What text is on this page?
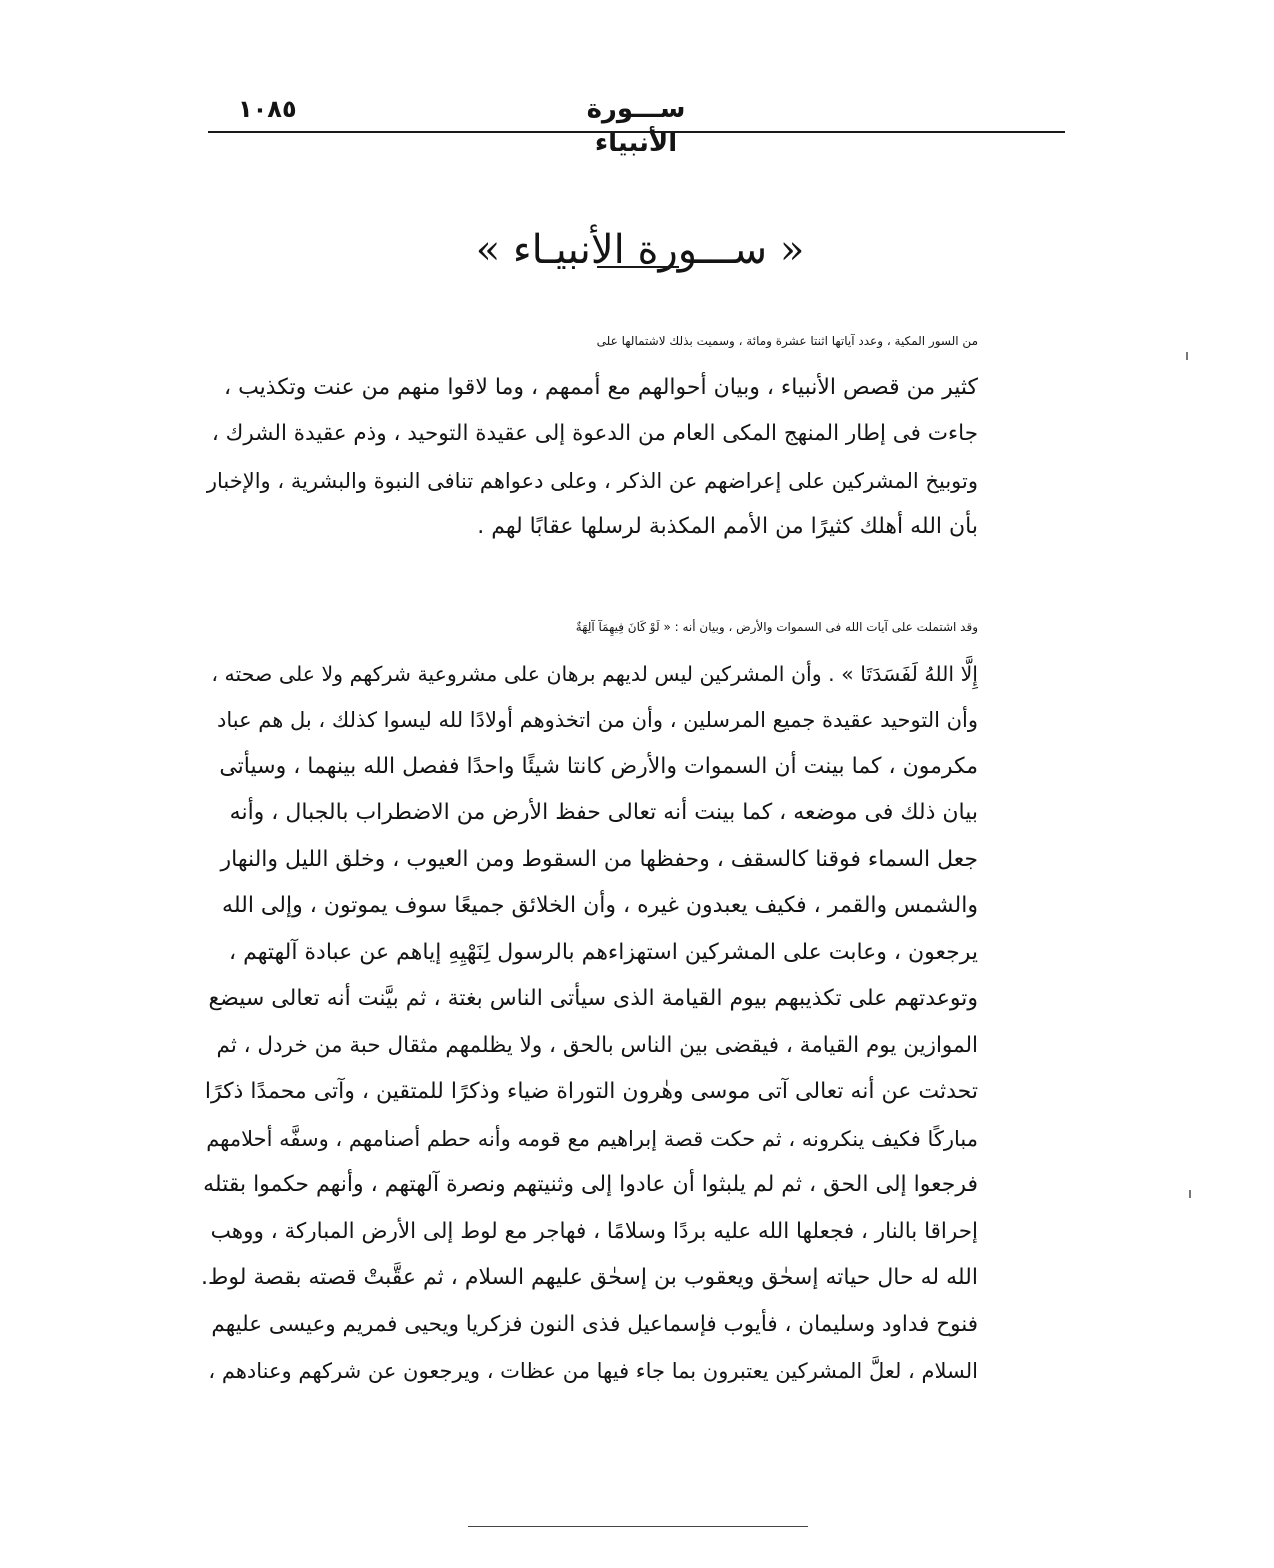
ســـورة الأنبياء
١٠٨٥
« ســـورة الأنبيـاء »

من السور المكية ، وعدد آياتها اثنتا عشرة ومائة ، وسميت بذلك لاشتمالها على
كثير من قصص الأنبياء ، وبيان أحوالهم مع أممهم ، وما لاقوا منهم من عنت وتكذيب ،
جاءت فى إطار المنهج المكى العام من الدعوة إلى عقيدة التوحيد ، وذم عقيدة الشرك ،
وتوبيخ المشركين على إعراضهم عن الذكر ، وعلى دعواهم تنافى النبوة والبشرية ، والإخبار
بأن الله أهلك كثيرًا من الأمم المكذبة لرسلها عقابًا لهم .

وقد اشتملت على آيات الله فى السموات والأرض ، وبيان أنه : « لَوْ كَانَ فِيهِمَآ آلِهَةٌ
إِلَّا اللهُ لَفَسَدَتَا » . وأن المشركين ليس لديهم برهان على مشروعية شركهم ولا على صحته ،
وأن التوحيد عقيدة جميع المرسلين ، وأن من اتخذوهم أولادًا لله ليسوا كذلك ، بل هم عباد
مكرمون ، كما بينت أن السموات والأرض كانتا شيئًا واحدًا ففصل الله بينهما ، وسيأتى
بيان ذلك فى موضعه ، كما بينت أنه تعالى حفظ الأرض من الاضطراب بالجبال ، وأنه
جعل السماء فوقنا كالسقف ، وحفظها من السقوط ومن العيوب ، وخلق الليل والنهار
والشمس والقمر ، فكيف يعبدون غيره ، وأن الخلائق جميعًا سوف يموتون ، وإلى الله
يرجعون ، وعابت على المشركين استهزاءهم بالرسول لِنَهْيِهِ إياهم عن عبادة آلهتهم ،
وتوعدتهم على تكذيبهم بيوم القيامة الذى سيأتى الناس بغتة ، ثم بيَّنت أنه تعالى سيضع
الموازين يوم القيامة ، فيقضى بين الناس بالحق ، ولا يظلمهم مثقال حبة من خردل ، ثم
تحدثت عن أنه تعالى آتى موسى وهٰرون التوراة ضياء وذكرًا للمتقين ، وآتى محمدًا ذكرًا
مباركًا فكيف ينكرونه ، ثم حكت قصة إبراهيم مع قومه وأنه حطم أصنامهم ، وسفَّه أحلامهم
فرجعوا إلى الحق ، ثم لم يلبثوا أن عادوا إلى وثنيتهم ونصرة آلهتهم ، وأنهم حكموا بقتله
إحراقا بالنار ، فجعلها الله عليه بردًا وسلامًا ، فهاجر مع لوط إلى الأرض المباركة ، ووهب
الله له حال حياته إسحٰق ويعقوب بن إسحٰق عليهم السلام ، ثم عقَّبتْ قصته بقصة لوط.
فنوح فداود وسليمان ، فأيوب فإسماعيل فذى النون فزكريا ويحيى فمريم وعيسى عليهم
السلام ، لعلَّ المشركين يعتبرون بما جاء فيها من عظات ، ويرجعون عن شركهم وعنادهم ،
